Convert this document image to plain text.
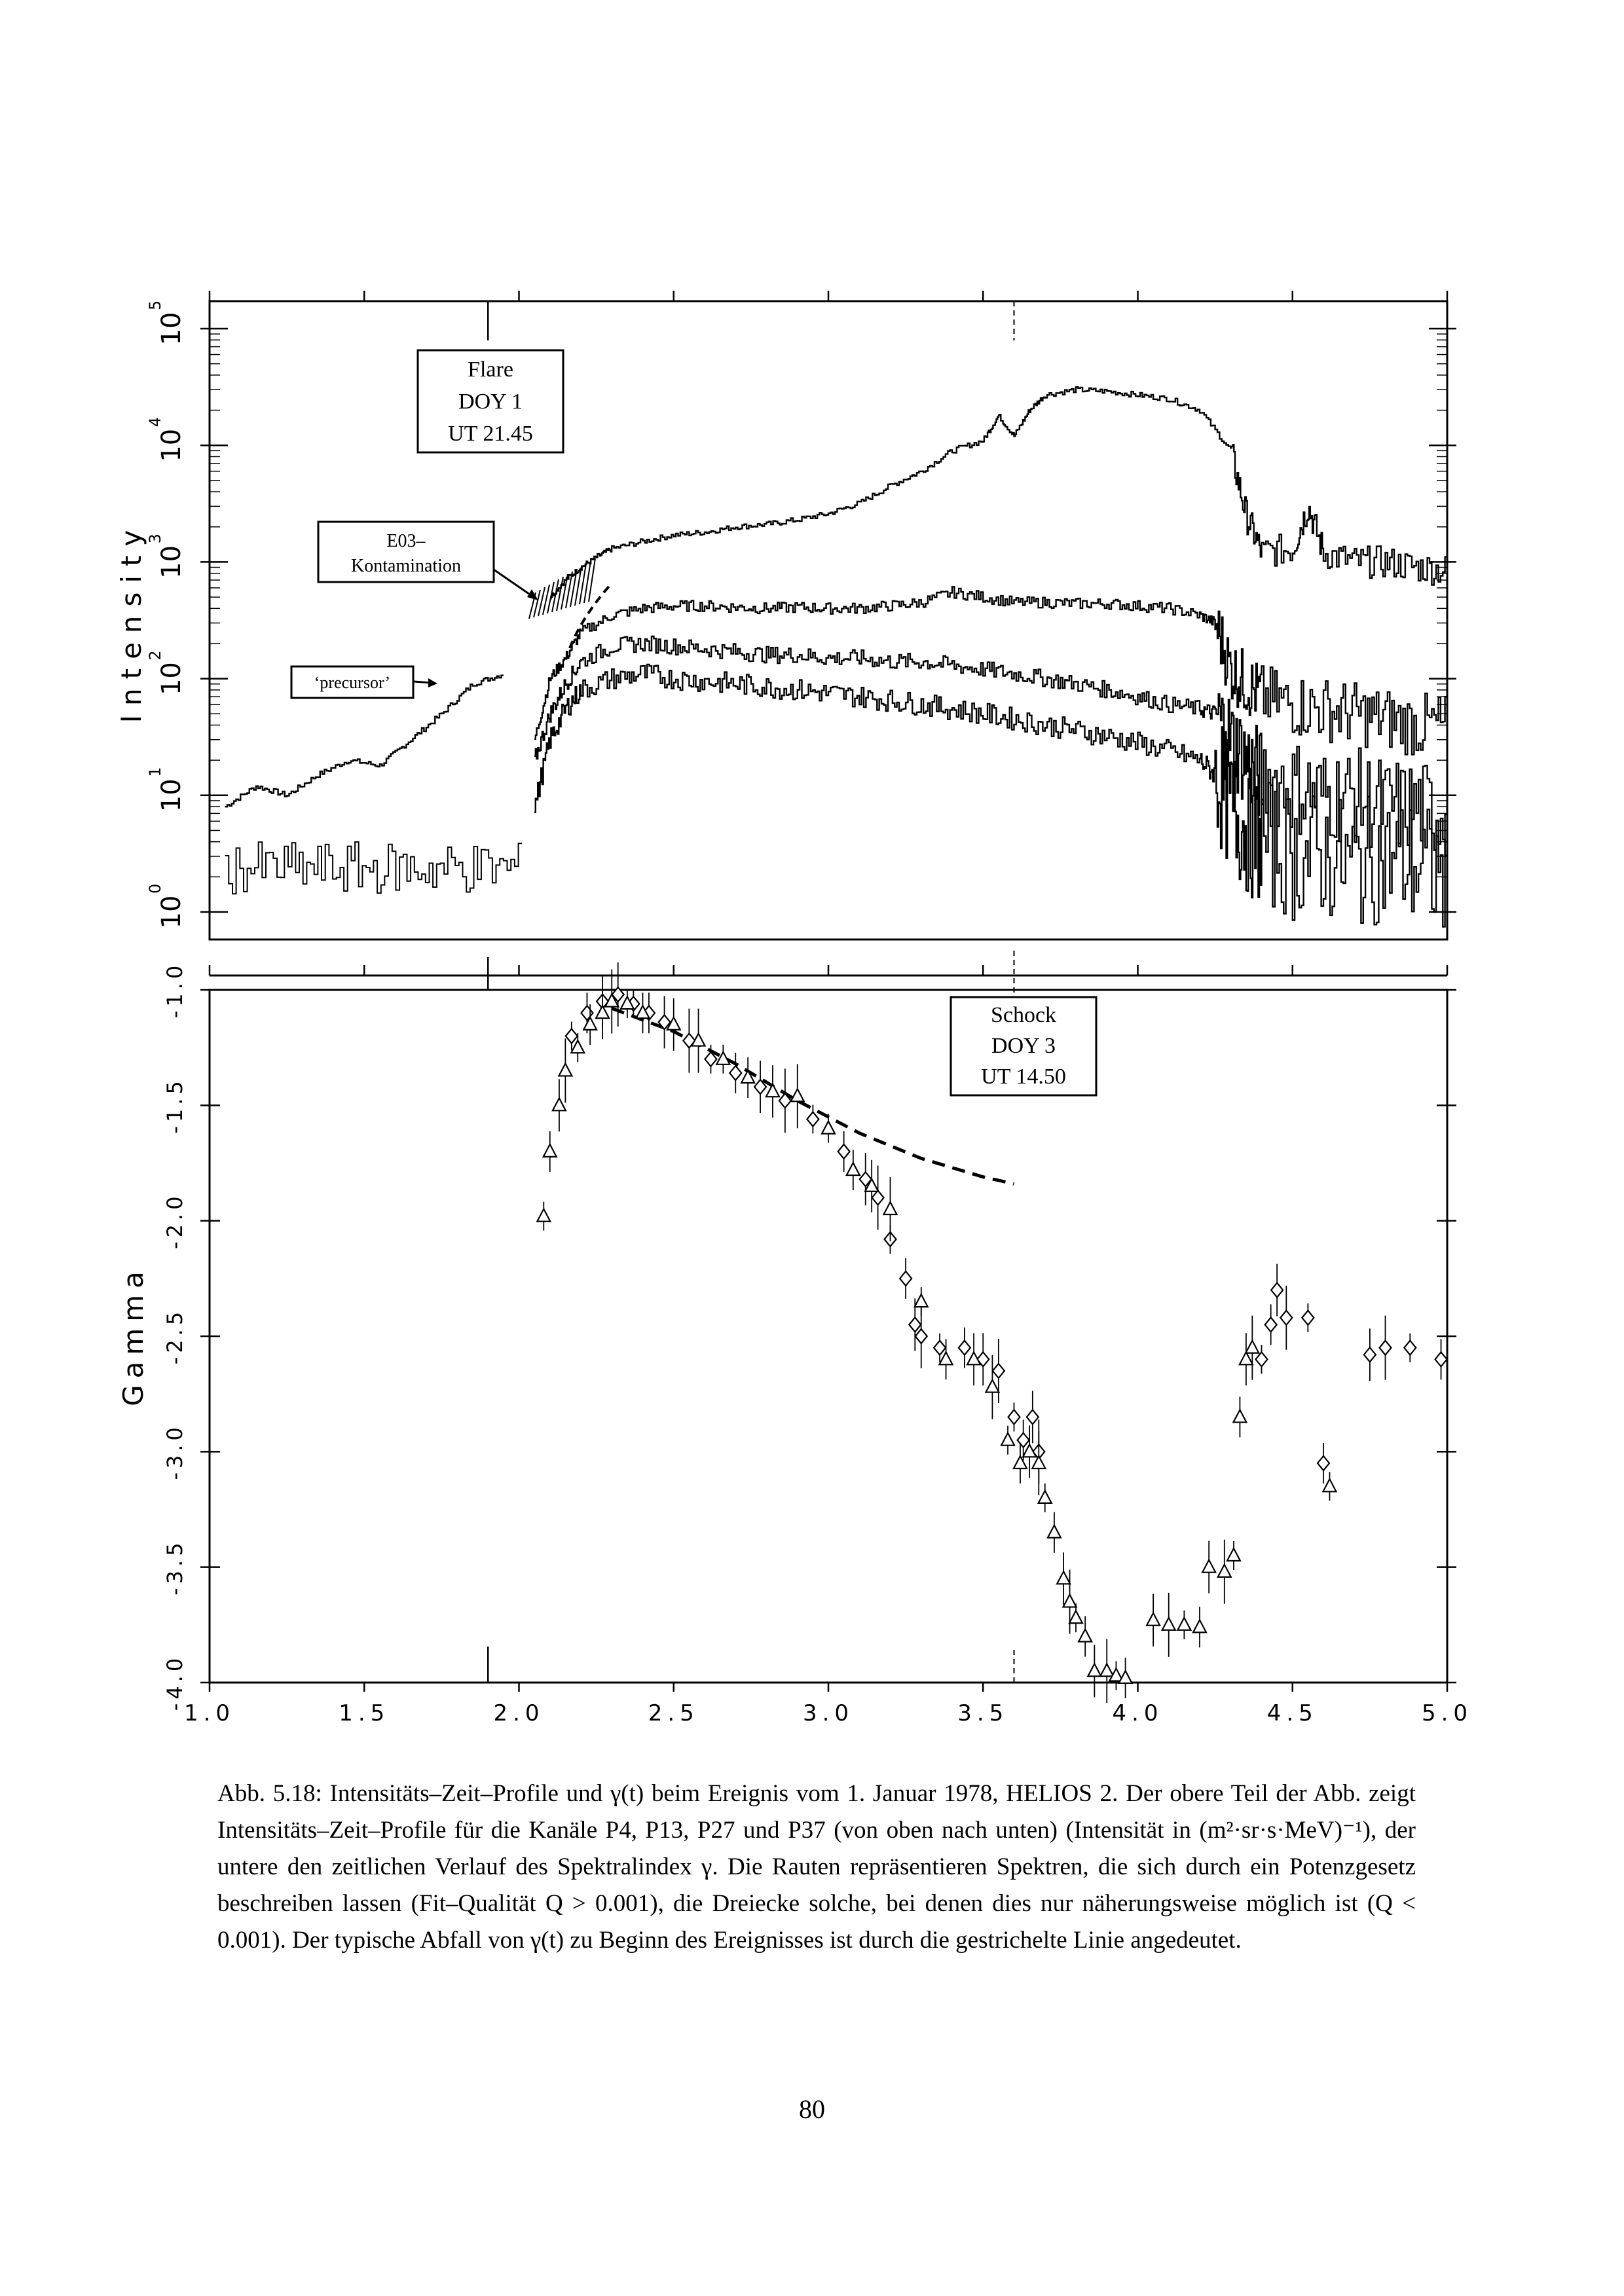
10
0
10
1
10
2
10
3
10
4
10
5
Intensity
Flare
DOY 1
UT 21.45
E03–
Kontamination
‘precursor’
1.0	1.5	2.0	2.5	3.0	3.5	4.0	4.5	5.0
-1.0
-1.5
-2.0
-2.5
-3.0
-3.5
-4.0
Gamma
Schock
DOY 3
UT 14.50
Abb. 5.18: Intensitäts–Zeit–Profile und γ(t) beim Ereignis vom 1. Januar 1978, HELIOS 2. Der obere Teil der Abb. zeigt Intensitäts–Zeit–Profile für die Kanäle P4, P13, P27 und P37 (von oben nach unten) (Intensität in (m²·sr·s·MeV)⁻¹), der untere den zeitlichen Verlauf des Spektralindex γ. Die Rauten repräsentieren Spektren, die sich durch ein Potenzgesetz beschreiben lassen (Fit–Qualität Q > 0.001), die Dreiecke solche, bei denen dies nur näherungsweise möglich ist (Q < 0.001). Der typische Abfall von γ(t) zu Beginn des Ereignisses ist durch die gestrichelte Linie angedeutet.
80
